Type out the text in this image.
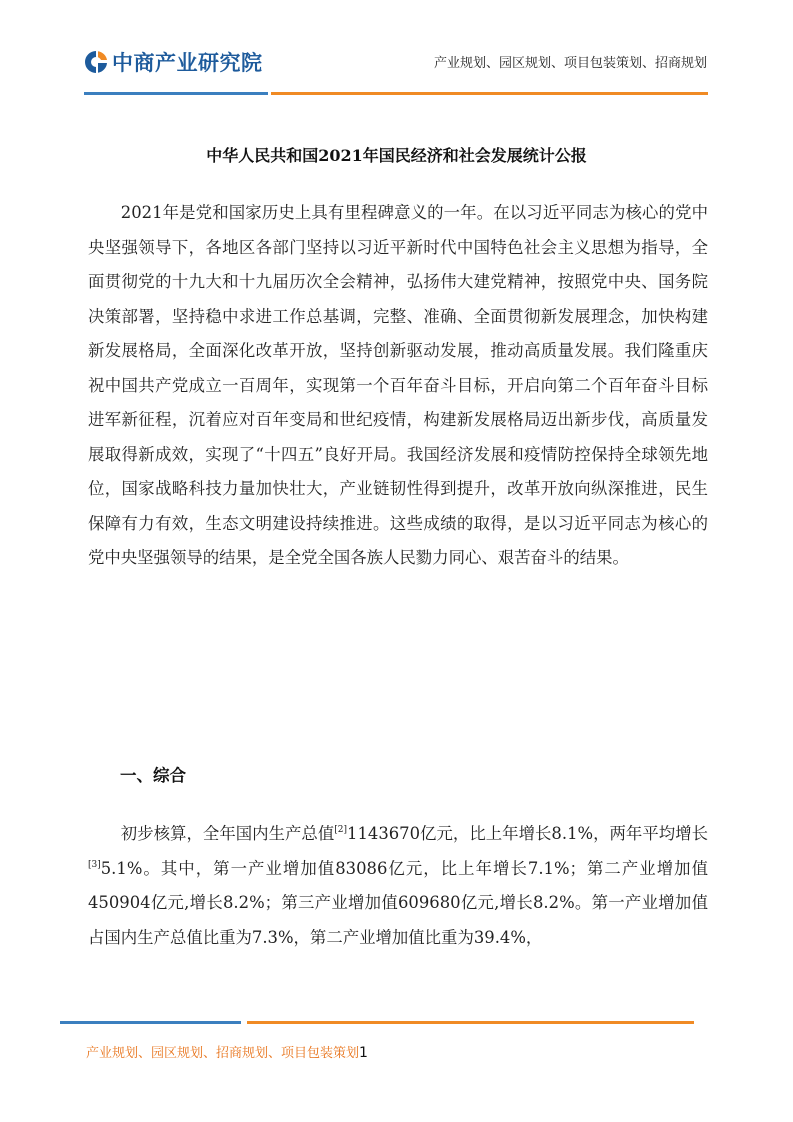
中商产业研究院	产业规划、园区规划、项目包装策划、招商规划
中华人民共和国2021年国民经济和社会发展统计公报

2021年是党和国家历史上具有里程碑意义的一年。在以习近平同志为核心的党中央坚强领导下，各地区各部门坚持以习近平新时代中国特色社会主义思想为指导，全面贯彻党的十九大和十九届历次全会精神，弘扬伟大建党精神，按照党中央、国务院决策部署，坚持稳中求进工作总基调，完整、准确、全面贯彻新发展理念，加快构建新发展格局，全面深化改革开放，坚持创新驱动发展，推动高质量发展。我们隆重庆祝中国共产党成立一百周年，实现第一个百年奋斗目标，开启向第二个百年奋斗目标进军新征程，沉着应对百年变局和世纪疫情，构建新发展格局迈出新步伐，高质量发展取得新成效，实现了“十四五”良好开局。我国经济发展和疫情防控保持全球领先地位，国家战略科技力量加快壮大，产业链韧性得到提升，改革开放向纵深推进，民生保障有力有效，生态文明建设持续推进。这些成绩的取得，是以习近平同志为核心的党中央坚强领导的结果，是全党全国各族人民勠力同心、艰苦奋斗的结果。

一、综合

初步核算，全年国内生产总值[2]1143670亿元，比上年增长8.1%，两年平均增长[3]5.1%。其中，第一产业增加值83086亿元，比上年增长7.1%；第二产业增加值450904亿元,增长8.2%；第三产业增加值609680亿元,增长8.2%。第一产业增加值占国内生产总值比重为7.3%，第二产业增加值比重为39.4%，

产业规划、园区规划、招商规划、项目包装策划1
